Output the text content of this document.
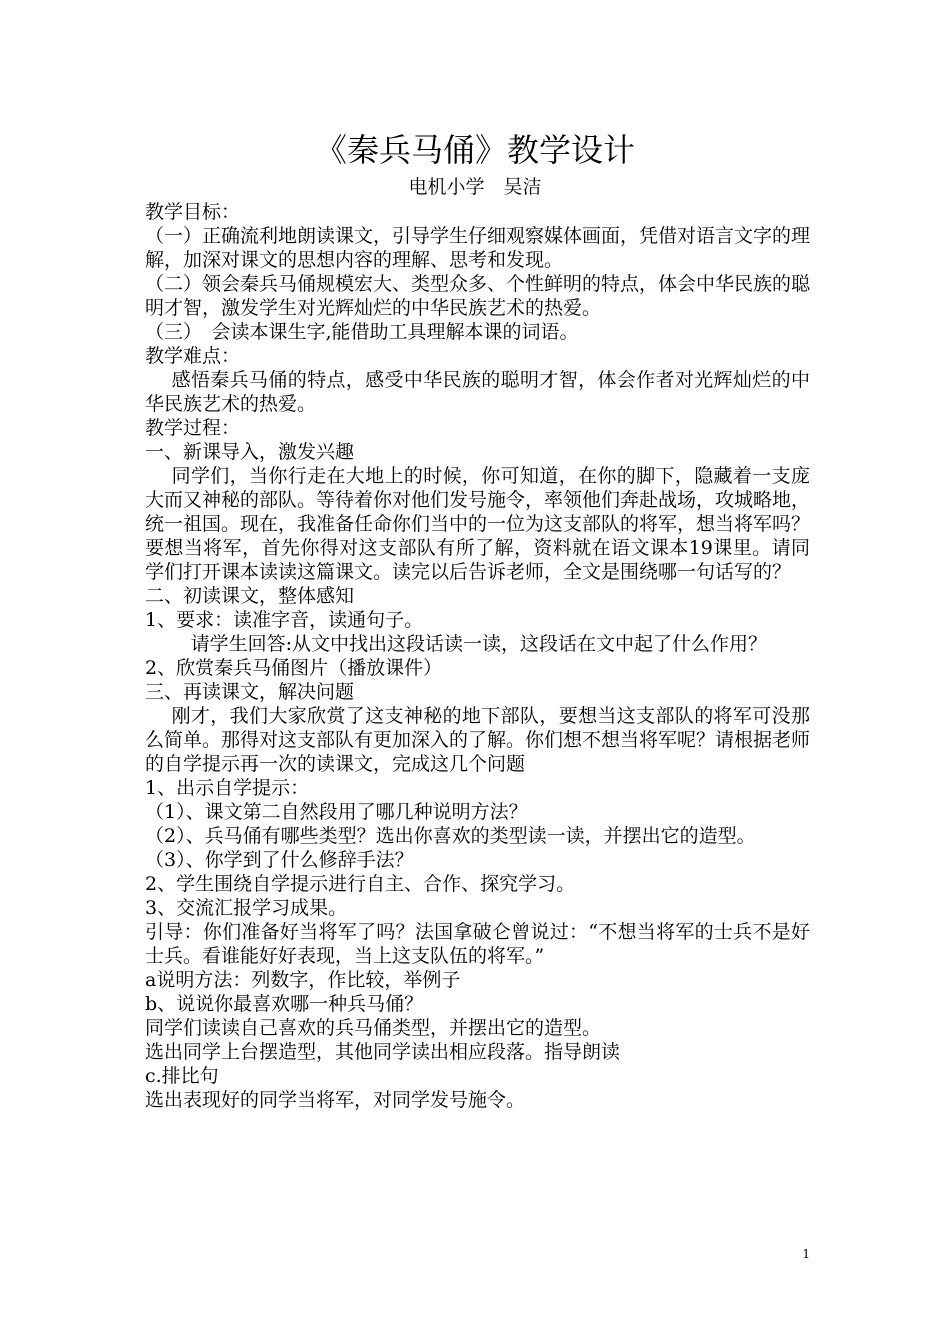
《秦兵马俑》教学设计
电机小学　吴洁

教学目标：

（一）正确流利地朗读课文，引导学生仔细观察媒体画面，凭借对语言文字的理解，加深对课文的思想内容的理解、思考和发现。

（二）领会秦兵马俑规模宏大、类型众多、个性鲜明的特点，体会中华民族的聪明才智，激发学生对光辉灿烂的中华民族艺术的热爱。

（三）　会读本课生字,能借助工具理解本课的词语。

教学难点：

感悟秦兵马俑的特点，感受中华民族的聪明才智，体会作者对光辉灿烂的中华民族艺术的热爱。

教学过程：

一、新课导入，激发兴趣

同学们，当你行走在大地上的时候，你可知道，在你的脚下，隐藏着一支庞大而又神秘的部队。等待着你对他们发号施令，率领他们奔赴战场，攻城略地，统一祖国。现在，我准备任命你们当中的一位为这支部队的将军，想当将军吗？要想当将军，首先你得对这支部队有所了解，资料就在语文课本19课里。请同学们打开课本读读这篇课文。读完以后告诉老师，全文是围绕哪一句话写的？

二、初读课文，整体感知

1、要求：读准字音，读通句子。

请学生回答:从文中找出这段话读一读，这段话在文中起了什么作用？

2、欣赏秦兵马俑图片（播放课件）

三、再读课文，解决问题

刚才，我们大家欣赏了这支神秘的地下部队，要想当这支部队的将军可没那么简单。那得对这支部队有更加深入的了解。你们想不想当将军呢？请根据老师的自学提示再一次的读课文，完成这几个问题

1、出示自学提示：

（1）、课文第二自然段用了哪几种说明方法？

（2）、兵马俑有哪些类型？选出你喜欢的类型读一读，并摆出它的造型。

（3）、你学到了什么修辞手法？

2、学生围绕自学提示进行自主、合作、探究学习。

3、交流汇报学习成果。

引导：你们准备好当将军了吗？法国拿破仑曾说过：“不想当将军的士兵不是好士兵。看谁能好好表现，当上这支队伍的将军。”

a说明方法：列数字，作比较，举例子

b、说说你最喜欢哪一种兵马俑？

同学们读读自己喜欢的兵马俑类型，并摆出它的造型。

选出同学上台摆造型，其他同学读出相应段落。指导朗读

c.排比句

选出表现好的同学当将军，对同学发号施令。

1
